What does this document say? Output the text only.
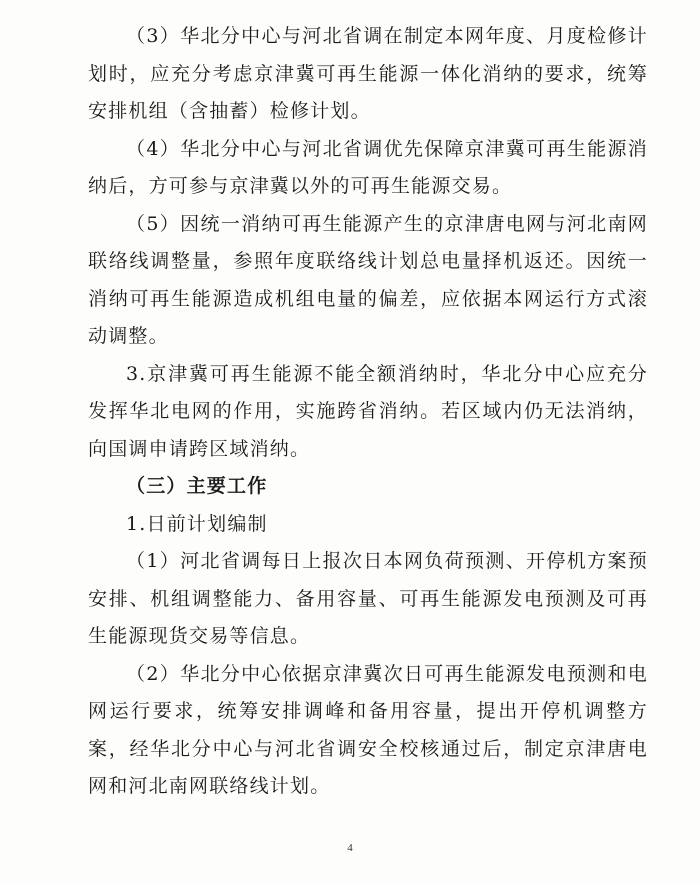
（3）华北分中心与河北省调在制定本网年度、月度检修计划时，应充分考虑京津冀可再生能源一体化消纳的要求，统筹安排机组（含抽蓄）检修计划。

（4）华北分中心与河北省调优先保障京津冀可再生能源消纳后，方可参与京津冀以外的可再生能源交易。

（5）因统一消纳可再生能源产生的京津唐电网与河北南网联络线调整量，参照年度联络线计划总电量择机返还。因统一消纳可再生能源造成机组电量的偏差，应依据本网运行方式滚动调整。

3.京津冀可再生能源不能全额消纳时，华北分中心应充分发挥华北电网的作用，实施跨省消纳。若区域内仍无法消纳，向国调申请跨区域消纳。

（三）主要工作

1.日前计划编制

（1）河北省调每日上报次日本网负荷预测、开停机方案预安排、机组调整能力、备用容量、可再生能源发电预测及可再生能源现货交易等信息。

（2）华北分中心依据京津冀次日可再生能源发电预测和电网运行要求，统筹安排调峰和备用容量，提出开停机调整方案，经华北分中心与河北省调安全校核通过后，制定京津唐电网和河北南网联络线计划。

4
